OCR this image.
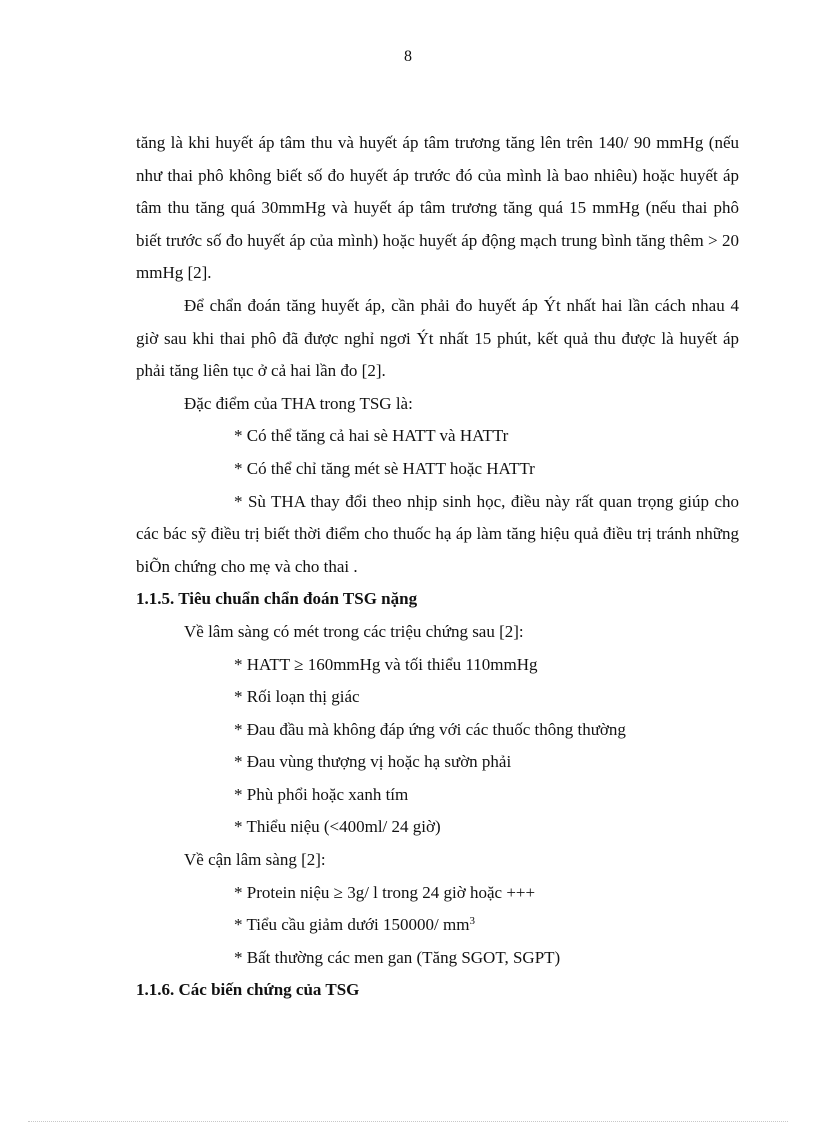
8

tăng là khi huyết áp tâm thu và huyết áp tâm trương tăng lên trên 140/ 90 mmHg (nếu như thai phô không biết số đo huyết áp trước đó của mình là bao nhiêu) hoặc huyết áp tâm thu tăng quá 30mmHg và huyết áp tâm trương tăng quá 15 mmHg (nếu thai phô biết trước số đo huyết áp của mình) hoặc huyết áp động mạch trung bình tăng thêm > 20 mmHg [2].

Để chẩn đoán tăng huyết áp, cần phải đo huyết áp Ýt nhất hai lần cách nhau 4 giờ sau khi thai phô đã được nghỉ ngơi Ýt nhất 15 phút, kết quả thu được là huyết áp phải tăng liên tục ở cả hai lần đo [2].

Đặc điểm của THA trong TSG là:

* Có thể tăng cả hai sè HATT và HATTr

* Có thể chỉ tăng mét sè HATT hoặc HATTr

* Sù THA thay đổi theo nhịp sinh học, điều này rất quan trọng giúp cho các bác sỹ điều trị biết thời điểm cho thuốc hạ áp làm tăng hiệu quả điều trị tránh những biÕn chứng cho mẹ và cho thai .

1.1.5. Tiêu chuẩn chẩn đoán TSG nặng

Về lâm sàng có mét trong các triệu chứng sau [2]:

* HATT ≥ 160mmHg và tối thiểu 110mmHg

* Rối loạn thị giác

* Đau đầu mà không đáp ứng với các thuốc thông thường

* Đau vùng thượng vị hoặc hạ sườn phải

* Phù phổi hoặc xanh tím

* Thiểu niệu (<400ml/ 24 giờ)

Về cận lâm sàng [2]:

* Protein niệu ≥ 3g/ l trong 24 giờ hoặc +++

* Tiểu cầu giảm dưới 150000/ $mm^3$

* Bất thường các men gan (Tăng SGOT, SGPT)

1.1.6. Các biến chứng của TSG
